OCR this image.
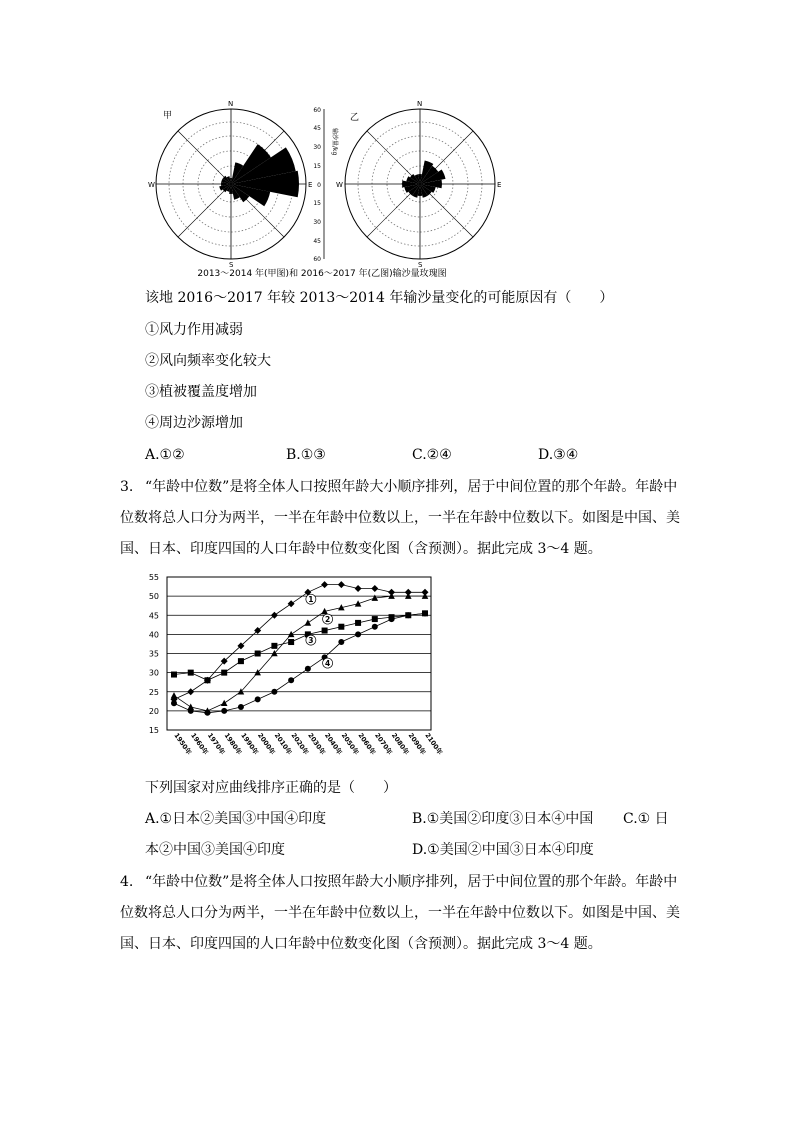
甲	乙
N
E
S
W
N
E
S
W
60
45
30
15
0
15
30
45
60
输沙量/kg
2013～2014 年(甲图)和 2016～2017 年(乙图)输沙量玫瑰图
该地 2016～2017 年较 2013～2014 年输沙量变化的可能原因有（　　）
①风力作用减弱
②风向频率变化较大
③植被覆盖度增加
④周边沙源增加
A.①②	B.①③	C.②④	D.③④
3. “年龄中位数”是将全体人口按照年龄大小顺序排列，居于中间位置的那个年龄。年龄中
位数将总人口分为两半，一半在年龄中位数以上，一半在年龄中位数以下。如图是中国、美
国、日本、印度四国的人口年龄中位数变化图（含预测）。据此完成 3～4 题。
55
50
45
40
35
30
25
20
15
1950年
1960年
1970年
1980年
1990年
2000年
2010年
2020年
2030年
2040年
2050年
2060年
2070年
2080年
2090年
2100年
1
2
3
4
下列国家对应曲线排序正确的是（　　）
A.①日本②美国③中国④印度	B.①美国②印度③日本④中国 C.① 日
本②中国③美国④印度	D.①美国②中国③日本④印度
4. “年龄中位数”是将全体人口按照年龄大小顺序排列，居于中间位置的那个年龄。年龄中
位数将总人口分为两半，一半在年龄中位数以上，一半在年龄中位数以下。如图是中国、美
国、日本、印度四国的人口年龄中位数变化图（含预测）。据此完成 3～4 题。
